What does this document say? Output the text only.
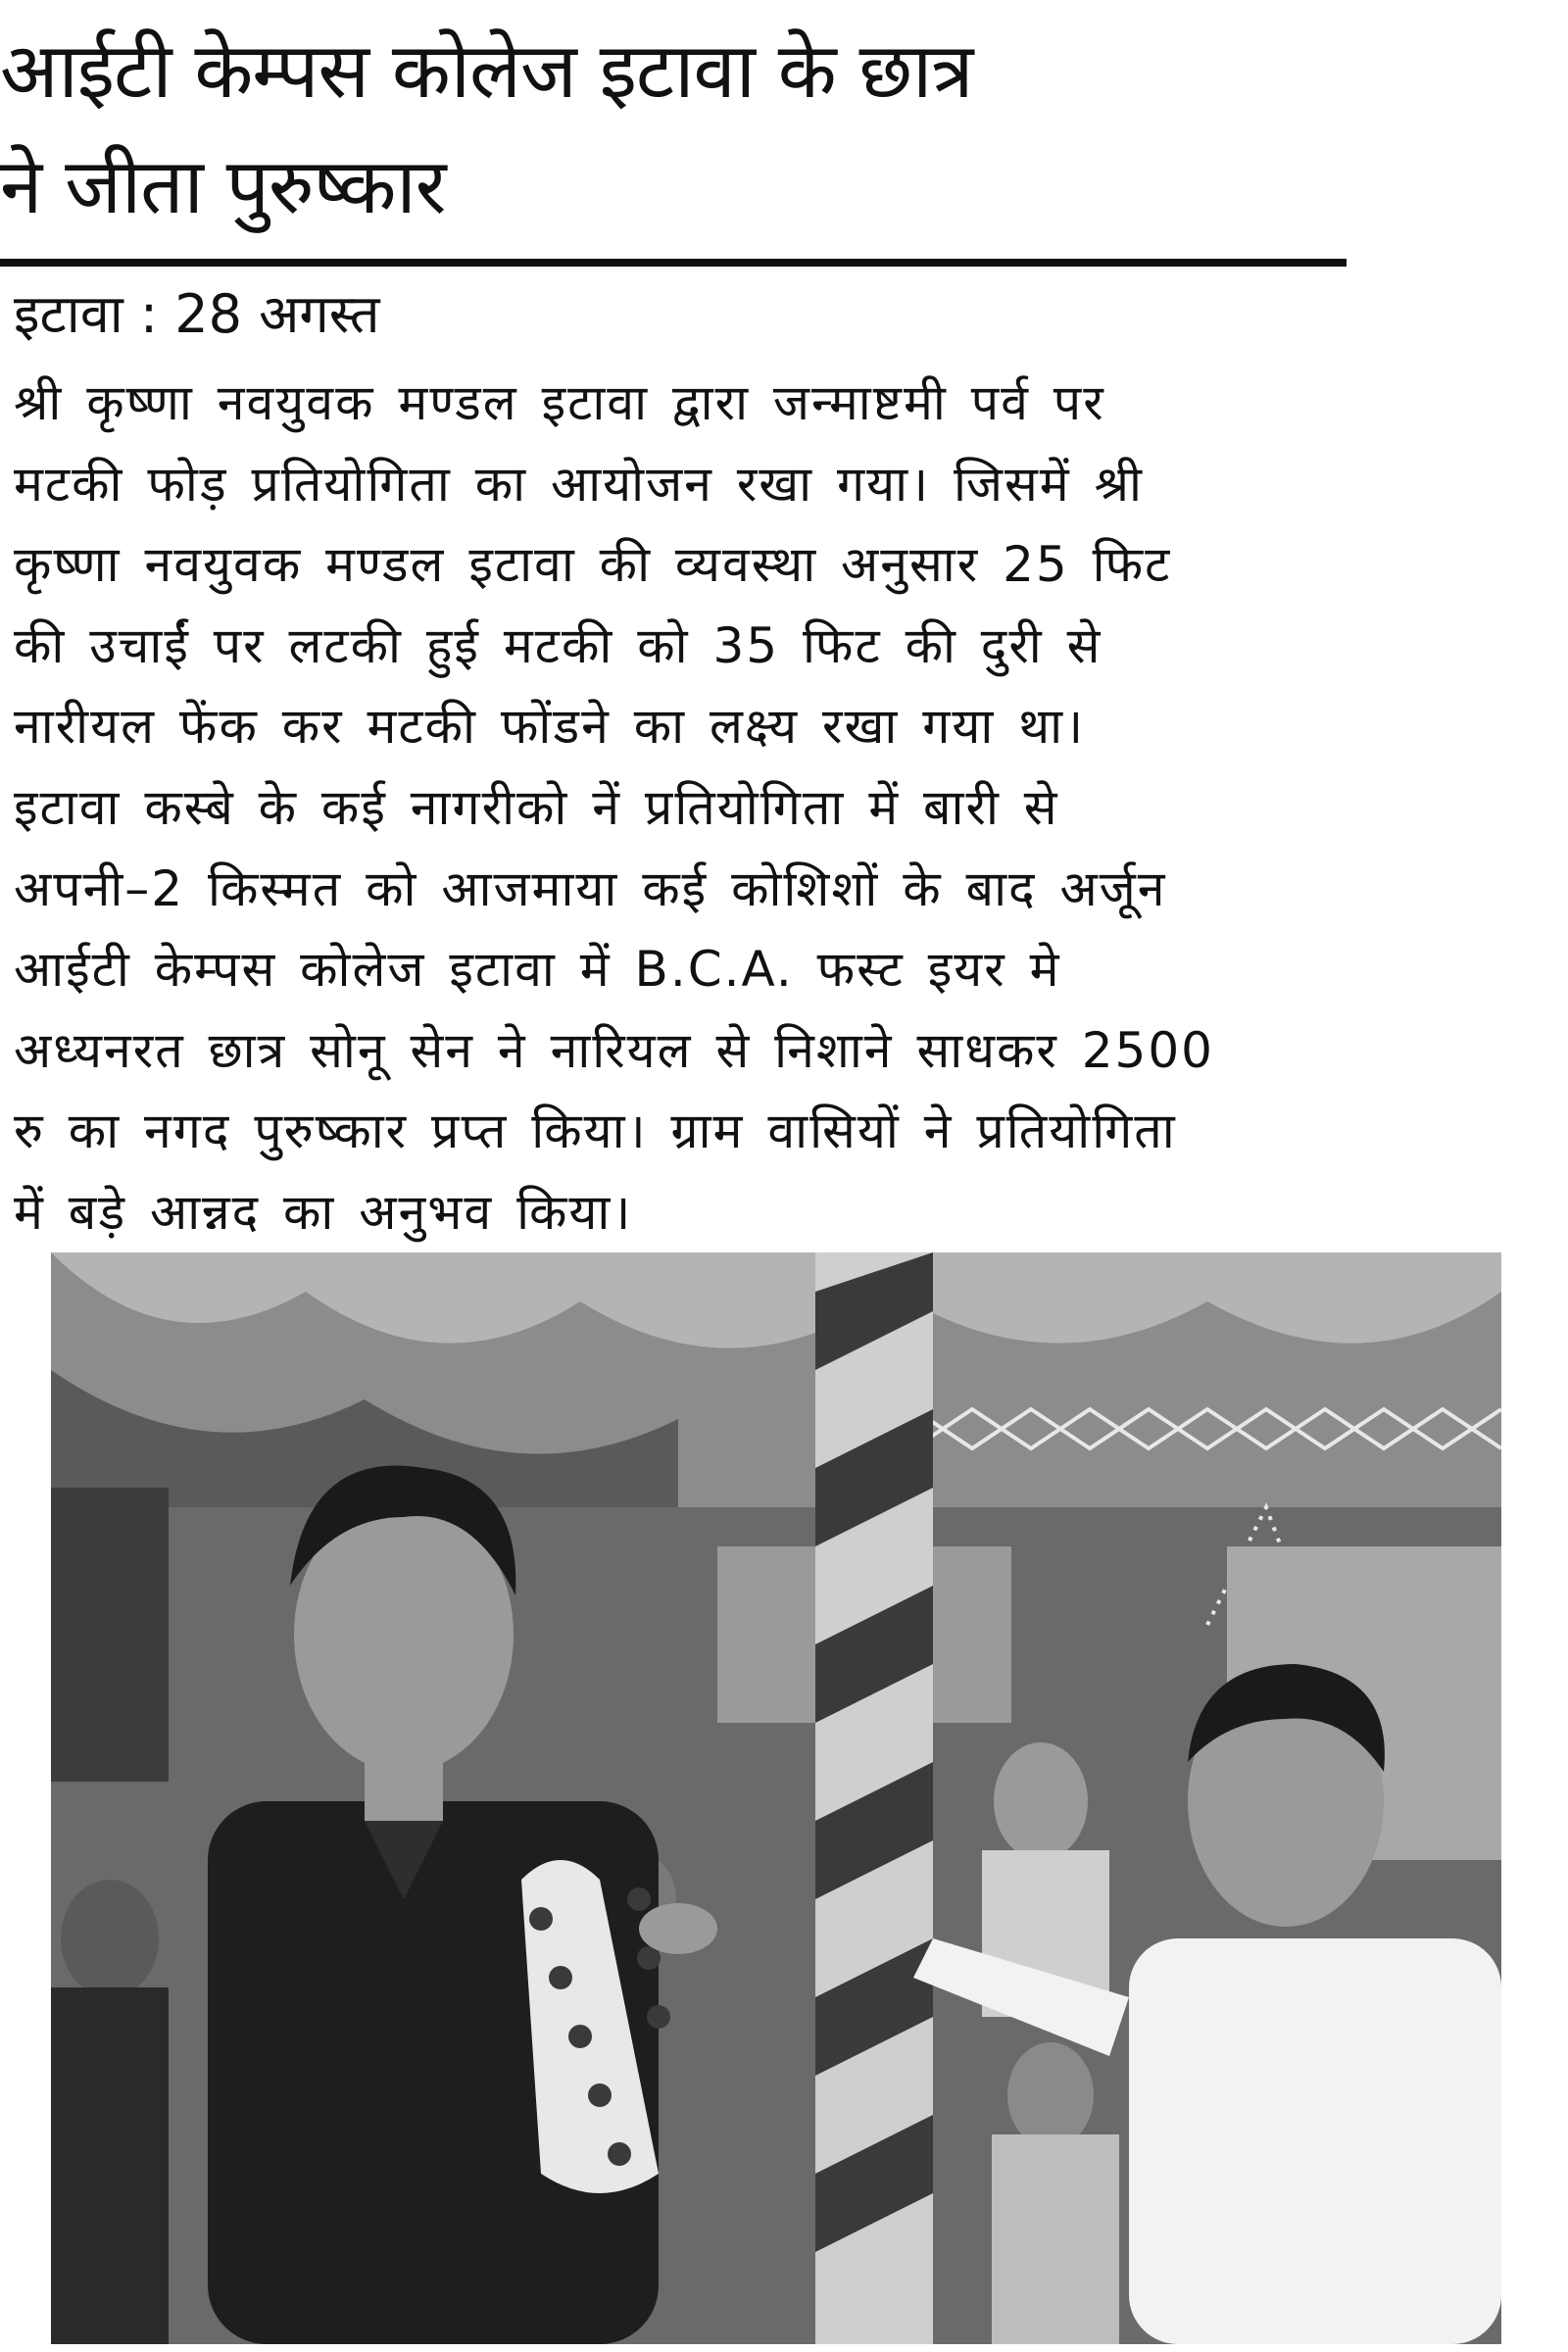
आईटी केम्पस कोलेज इटावा के छात्र
ने जीता पुरुष्कार
इटावा : 28 अगस्त
श्री कृष्णा नवयुवक मण्डल इटावा द्वारा जन्माष्टमी पर्व पर
मटकी फोड़ प्रतियोगिता का आयोजन रखा गया। जिसमें श्री
कृष्णा नवयुवक मण्डल इटावा की व्यवस्था अनुसार 25 फिट
की उचाईं पर लटकी हुई मटकी को 35 फिट की दुरी से
नारीयल फेंक कर मटकी फोंडने का लक्ष्य रखा गया था।
इटावा कस्बे के कई नागरीको नें प्रतियोगिता में बारी से
अपनी–2 किस्मत को आजमाया कई कोशिशों के बाद अर्जून
आईटी केम्पस कोलेज इटावा में B.C.A. फस्ट इयर मे
अध्यनरत छात्र सोनू सेन ने नारियल से निशाने साधकर 2500
रु का नगद पुरुष्कार प्रप्त किया। ग्राम वासियों ने प्रतियोगिता
में बड़े आन्नद का अनुभव किया।
